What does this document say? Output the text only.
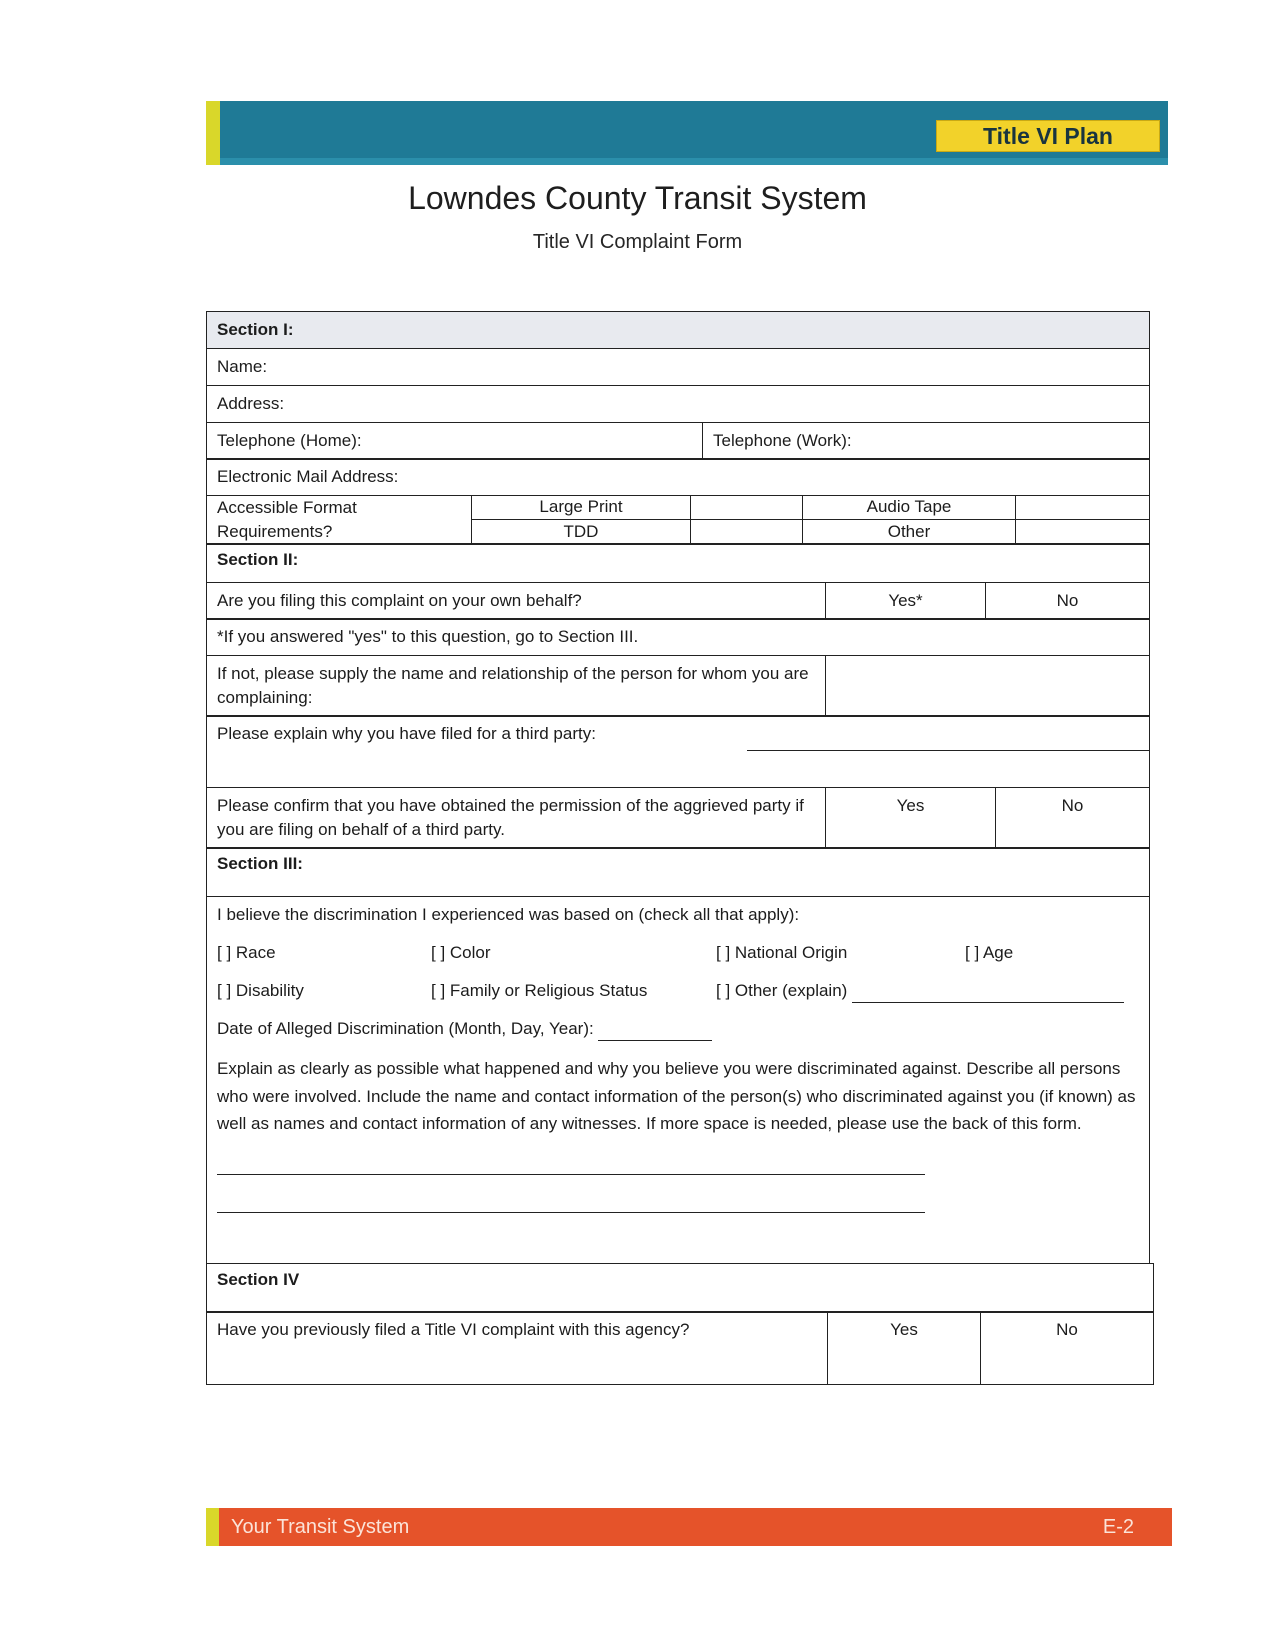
Title VI Plan
Lowndes County Transit System
Title VI Complaint Form
Section I:
Name:
Address:
Telephone (Home):	Telephone (Work):
Electronic Mail Address:
Accessible Format Requirements?	Large Print		Audio Tape	
	TDD		Other	
Section II:
Are you filing this complaint on your own behalf?	Yes*	No
*If you answered "yes" to this question, go to Section III.
If not, please supply the name and relationship of the person for whom you are complaining:	
Please explain why you have filed for a third party:
Please confirm that you have obtained the permission of the aggrieved party if you are filing on behalf of a third party.	Yes	No
Section III:

I believe the discrimination I experienced was based on (check all that apply):
[ ] Race	[ ] Color	[ ] National Origin	[ ] Age
[ ] Disability	[ ] Family or Religious Status	[ ] Other (explain)
Date of Alleged Discrimination (Month, Day, Year):
Explain as clearly as possible what happened and why you believe you were discriminated against. Describe all persons who were involved. Include the name and contact information of the person(s) who discriminated against you (if known) as well as names and contact information of any witnesses. If more space is needed, please use the back of this form.
Section IV
Have you previously filed a Title VI complaint with this agency?	Yes	No
Your Transit System	E-2
